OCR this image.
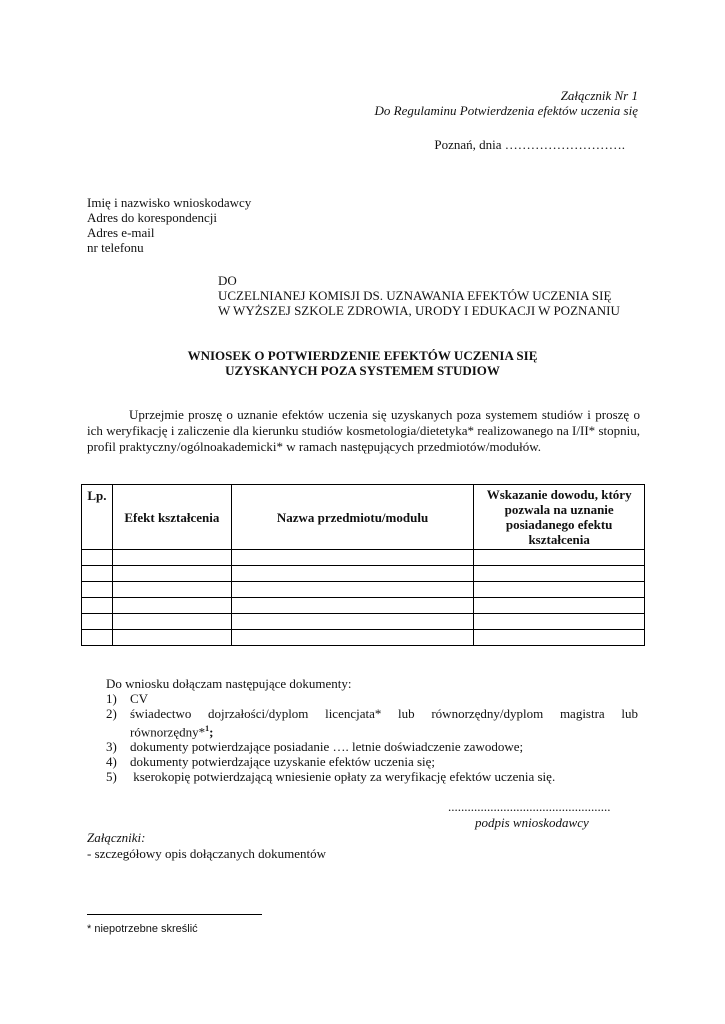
Załącznik Nr 1
Do Regulaminu Potwierdzenia efektów uczenia się
Poznań, dnia ……………………….
Imię i nazwisko wnioskodawcy
Adres do korespondencji
Adres e-mail
nr telefonu
DO
UCZELNIANEJ KOMISJI DS. UZNAWANIA EFEKTÓW UCZENIA SIĘ
W WYŻSZEJ SZKOLE ZDROWIA, URODY I EDUKACJI W POZNANIU
WNIOSEK O POTWIERDZENIE EFEKTÓW UCZENIA SIĘ
UZYSKANYCH POZA SYSTEMEM STUDIOW
Uprzejmie proszę o uznanie efektów uczenia się uzyskanych poza systemem studiów i proszę o ich weryfikację i zaliczenie dla kierunku studiów kosmetologia/dietetyka* realizowanego na I/II* stopniu, profil praktyczny/ogólnoakademicki* w ramach następujących przedmiotów/modułów.
Lp.	Efekt kształcenia	Nazwa przedmiotu/modulu	Wskazanie dowodu, który pozwala na uznanie posiadanego efektu kształcenia

Do wniosku dołączam następujące dokumenty:
1) CV
2) świadectwo dojrzałości/dyplom licencjata* lub równorzędny/dyplom magistra lub
równorzędny*$^1$;
3) dokumenty potwierdzające posiadanie …. letnie doświadczenie zawodowe;
4) dokumenty potwierdzające uzyskanie efektów uczenia się;
5) kserokopię potwierdzającą wniesienie opłaty za weryfikację efektów uczenia się.
..................................................
podpis wnioskodawcy
Załączniki:
- szczegółowy opis dołączanych dokumentów
* niepotrzebne skreślić
